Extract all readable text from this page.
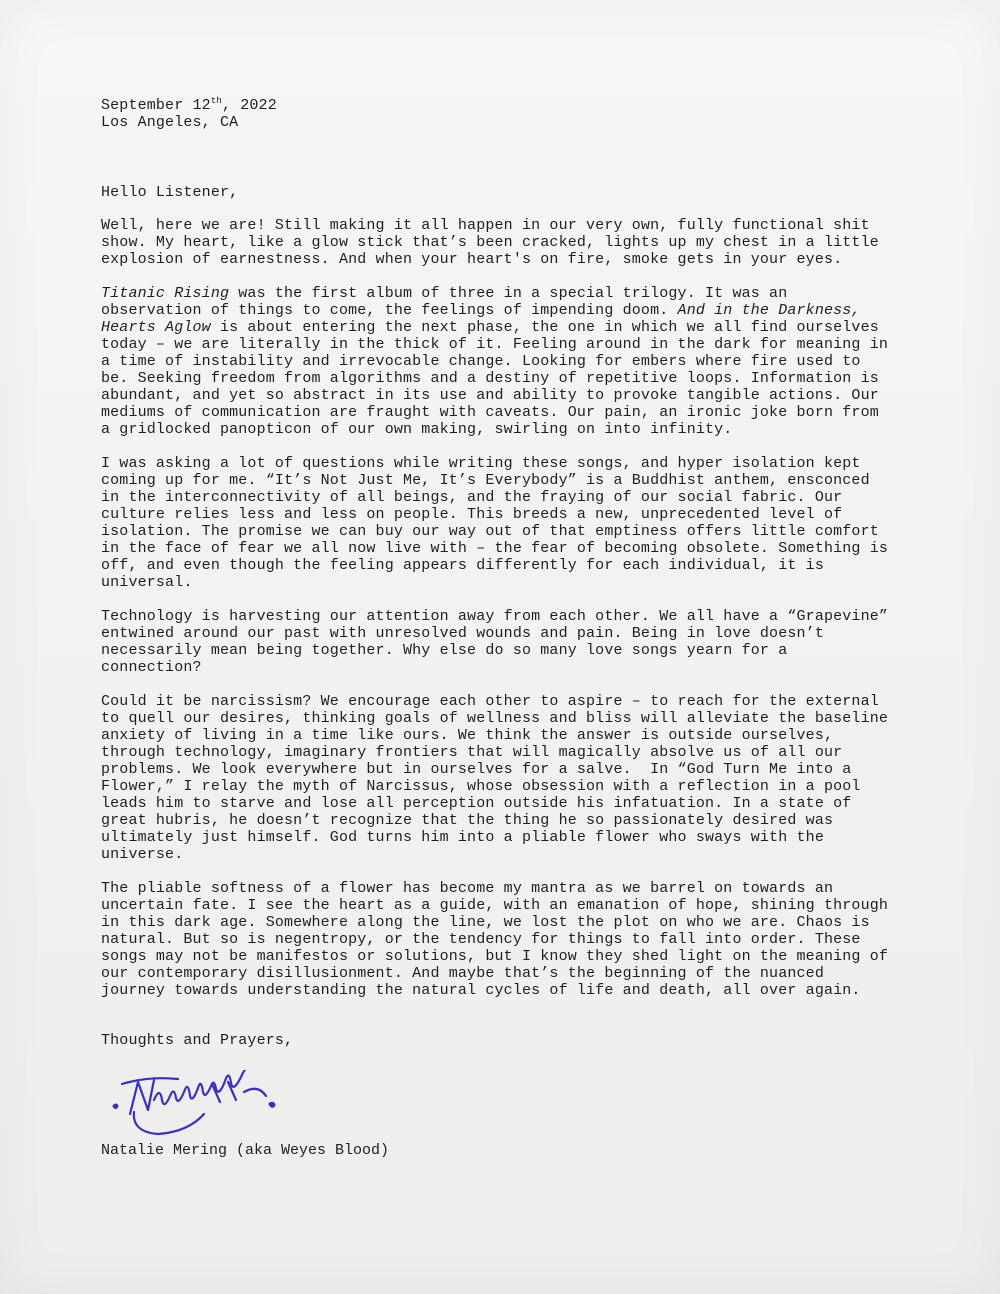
September 12th, 2022
Los Angeles, CA
Hello Listener,
Well, here we are! Still making it all happen in our very own, fully functional shit
show. My heart, like a glow stick that’s been cracked, lights up my chest in a little
explosion of earnestness. And when your heart's on fire, smoke gets in your eyes.
Titanic Rising was the first album of three in a special trilogy. It was an
observation of things to come, the feelings of impending doom. And in the Darkness,
Hearts Aglow is about entering the next phase, the one in which we all find ourselves
today – we are literally in the thick of it. Feeling around in the dark for meaning in
a time of instability and irrevocable change. Looking for embers where fire used to
be. Seeking freedom from algorithms and a destiny of repetitive loops. Information is
abundant, and yet so abstract in its use and ability to provoke tangible actions. Our
mediums of communication are fraught with caveats. Our pain, an ironic joke born from
a gridlocked panopticon of our own making, swirling on into infinity.
I was asking a lot of questions while writing these songs, and hyper isolation kept
coming up for me. “It’s Not Just Me, It’s Everybody” is a Buddhist anthem, ensconced
in the interconnectivity of all beings, and the fraying of our social fabric. Our
culture relies less and less on people. This breeds a new, unprecedented level of
isolation. The promise we can buy our way out of that emptiness offers little comfort
in the face of fear we all now live with – the fear of becoming obsolete. Something is
off, and even though the feeling appears differently for each individual, it is
universal.
Technology is harvesting our attention away from each other. We all have a “Grapevine”
entwined around our past with unresolved wounds and pain. Being in love doesn’t
necessarily mean being together. Why else do so many love songs yearn for a
connection?
Could it be narcissism? We encourage each other to aspire – to reach for the external
to quell our desires, thinking goals of wellness and bliss will alleviate the baseline
anxiety of living in a time like ours. We think the answer is outside ourselves,
through technology, imaginary frontiers that will magically absolve us of all our
problems. We look everywhere but in ourselves for a salve.  In “God Turn Me into a
Flower,” I relay the myth of Narcissus, whose obsession with a reflection in a pool
leads him to starve and lose all perception outside his infatuation. In a state of
great hubris, he doesn’t recognize that the thing he so passionately desired was
ultimately just himself. God turns him into a pliable flower who sways with the
universe.
The pliable softness of a flower has become my mantra as we barrel on towards an
uncertain fate. I see the heart as a guide, with an emanation of hope, shining through
in this dark age. Somewhere along the line, we lost the plot on who we are. Chaos is
natural. But so is negentropy, or the tendency for things to fall into order. These
songs may not be manifestos or solutions, but I know they shed light on the meaning of
our contemporary disillusionment. And maybe that’s the beginning of the nuanced
journey towards understanding the natural cycles of life and death, all over again.
Thoughts and Prayers,
Natalie Mering (aka Weyes Blood)
